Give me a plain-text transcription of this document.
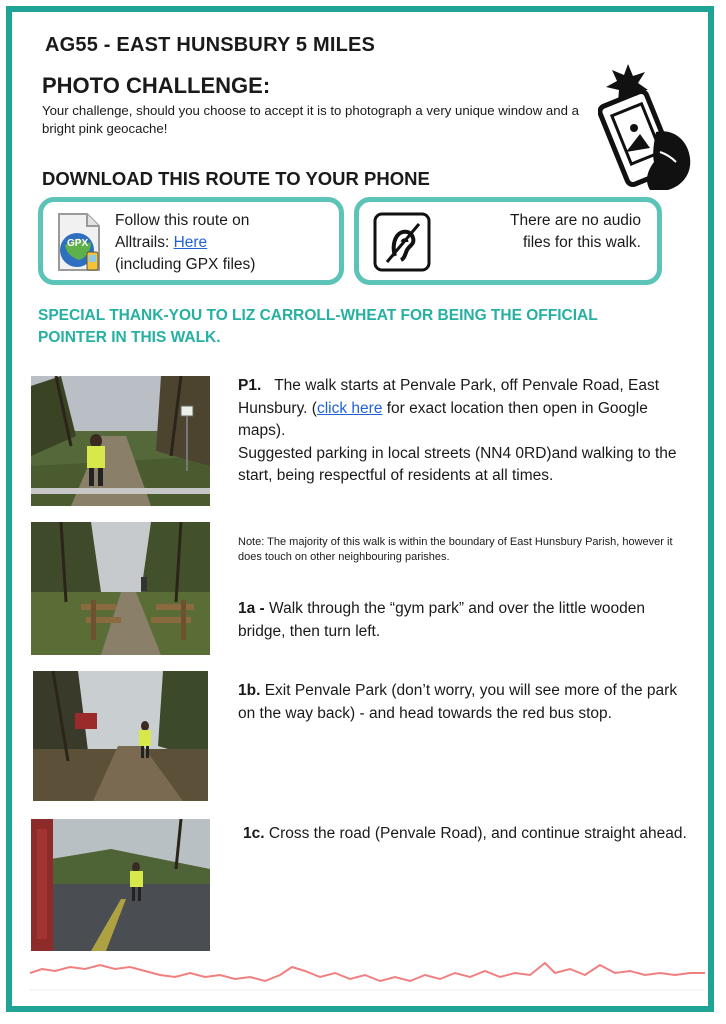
AG55 - EAST HUNSBURY 5 MILES
PHOTO CHALLENGE:
Your challenge, should you choose to accept it is to photograph a very unique window and a bright pink geocache!
DOWNLOAD THIS ROUTE TO YOUR PHONE
GPX
Follow this route on
Alltrails: Here
(including GPX files)
There are no audio
files for this walk.
SPECIAL THANK-YOU TO LIZ CARROLL-WHEAT FOR BEING THE OFFICIAL POINTER IN THIS WALK.
P1. The walk starts at Penvale Park, off Penvale Road, East Hunsbury. (click here for exact location then open in Google maps).
Suggested parking in local streets (NN4 0RD)and walking to the start, being respectful of residents at all times.
Note: The majority of this walk is within the boundary of East Hunsbury Parish, however it does touch on other neighbouring parishes.
1a - Walk through the “gym park” and over the little wooden bridge, then turn left.
1b. Exit Penvale Park (don’t worry, you will see more of the park on the way back) - and head towards the red bus stop.
1c. Cross the road (Penvale Road), and continue straight ahead.
